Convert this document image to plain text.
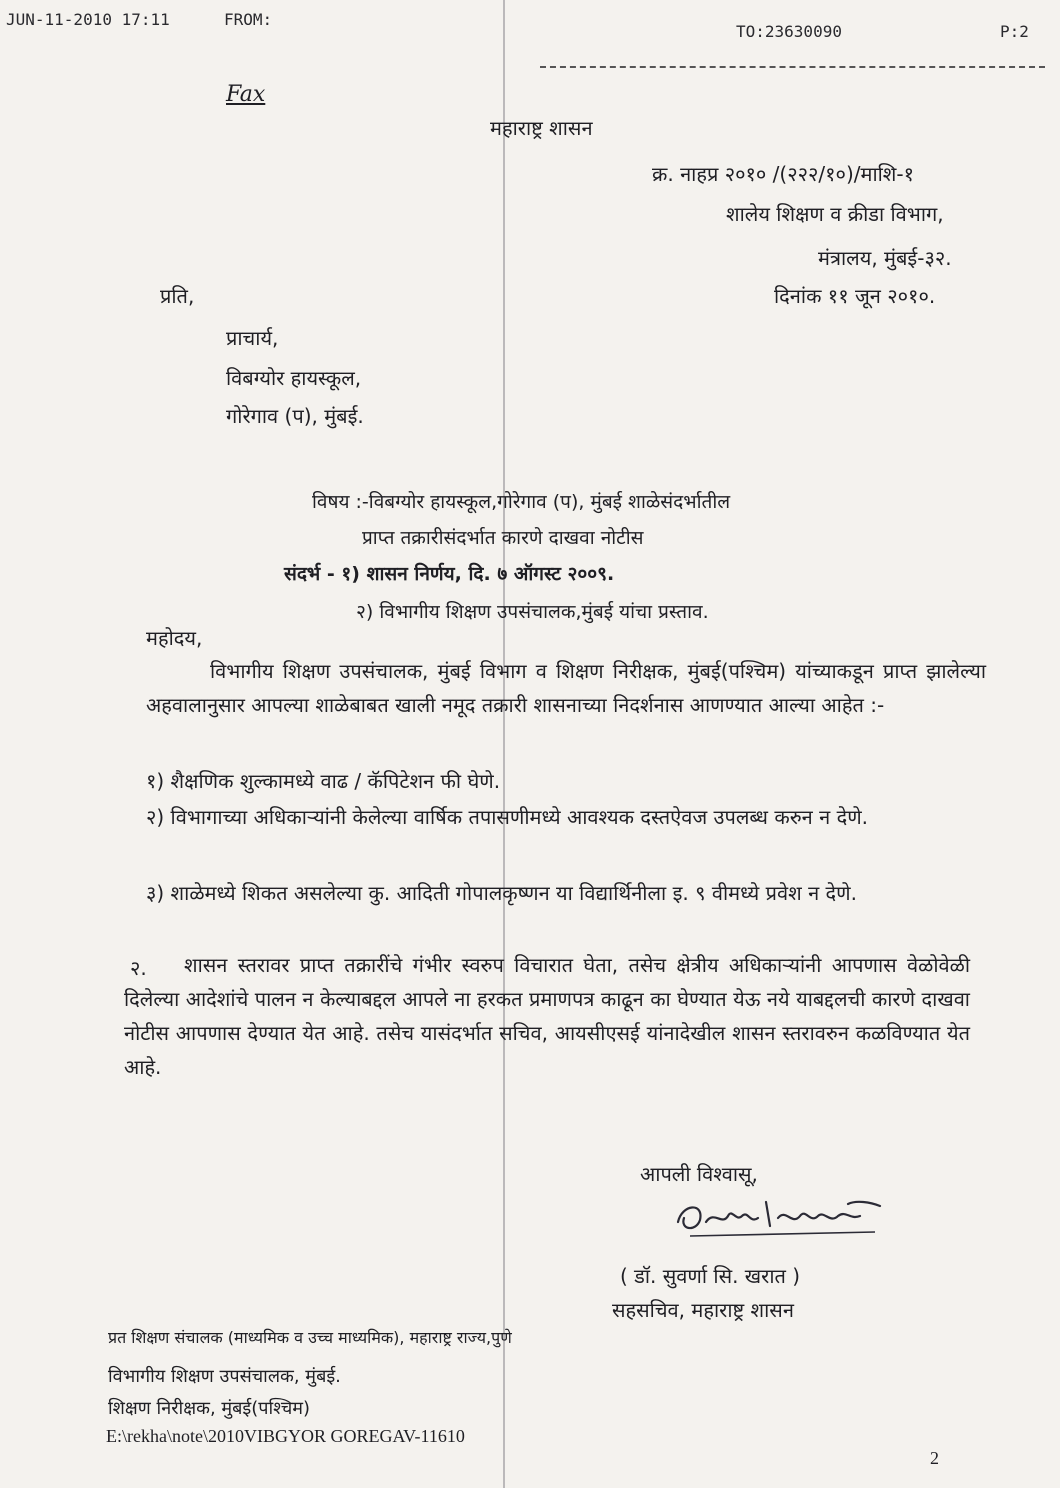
JUN-11-2010 17:11	FROM:
TO:23630090	P:2
Fax
महाराष्ट्र शासन
क्र. नाहप्र २०१० /(२२२/१०)/माशि-१
शालेय शिक्षण व क्रीडा विभाग,
मंत्रालय, मुंबई-३२.
दिनांक ११ जून २०१०.
प्रति,
प्राचार्य,
विबग्योर हायस्कूल,
गोरेगाव (प), मुंबई.
विषय :-विबग्योर हायस्कूल,गोरेगाव (प), मुंबई शाळेसंदर्भातील
प्राप्त तक्रारीसंदर्भात कारणे दाखवा नोटीस
संदर्भ - १) शासन निर्णय, दि. ७ ऑगस्ट २००९.
२) विभागीय शिक्षण उपसंचालक,मुंबई यांचा प्रस्ताव.
महोदय,
विभागीय शिक्षण उपसंचालक, मुंबई विभाग व शिक्षण निरीक्षक, मुंबई(पश्चिम) यांच्याकडून प्राप्त झालेल्या अहवालानुसार आपल्या शाळेबाबत खाली नमूद तक्रारी शासनाच्या निदर्शनास आणण्यात आल्या आहेत :-
१) शैक्षणिक शुल्कामध्ये वाढ / कॅपिटेशन फी घेणे.
२) विभागाच्या अधिकाऱ्यांनी केलेल्या वार्षिक तपासणीमध्ये आवश्यक दस्तऐवज उपलब्ध करुन न देणे.
३) शाळेमध्ये शिकत असलेल्या कु. आदिती गोपालकृष्णन या विद्यार्थिनीला इ. ९ वीमध्ये प्रवेश न देणे.
२.	शासन स्तरावर प्राप्त तक्रारींचे गंभीर स्वरुप विचारात घेता, तसेच क्षेत्रीय अधिकाऱ्यांनी आपणास वेळोवेळी दिलेल्या आदेशांचे पालन न केल्याबद्दल आपले ना हरकत प्रमाणपत्र काढून का घेण्यात येऊ नये याबद्दलची कारणे दाखवा नोटीस आपणास देण्यात येत आहे. तसेच यासंदर्भात सचिव, आयसीएसई यांनादेखील शासन स्तरावरुन कळविण्यात येत आहे.
आपली विश्वासू,
( डॉ. सुवर्णा सि. खरात )
सहसचिव, महाराष्ट्र शासन
प्रत शिक्षण संचालक (माध्यमिक व उच्च माध्यमिक), महाराष्ट्र राज्य,पुणे
विभागीय शिक्षण उपसंचालक, मुंबई.
शिक्षण निरीक्षक, मुंबई(पश्चिम)
E:\rekha\note\2010VIBGYOR GOREGAV-11610
2
